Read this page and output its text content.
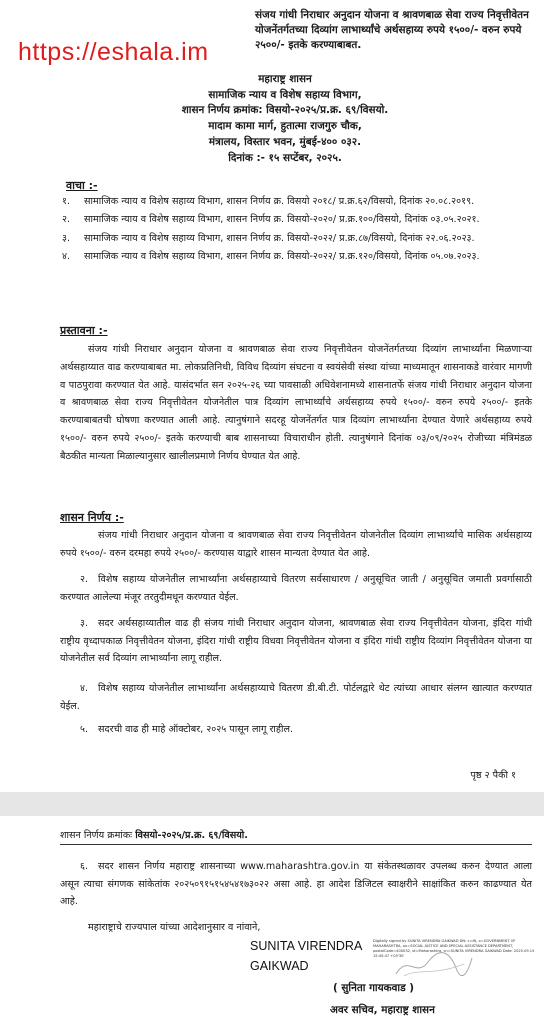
संजय गांधी निराधार अनुदान योजना व श्रावणबाळ सेवा राज्य निवृत्तीवेतन योजनेंतर्गतच्या दिव्यांग लाभार्थ्यांचे अर्थसहाय्य रुपये १५००/- वरुन रुपये २५००/- इतके करण्याबाबत.
https://eshala.im
महाराष्ट्र शासन
सामाजिक न्याय व विशेष सहाय्य विभाग,
शासन निर्णय क्रमांक: विसयो-२०२५/प्र.क्र. ६९/विसयो.
मादाम कामा मार्ग, हुतात्मा राजगुरु चौक,
मंत्रालय, विस्तार भवन, मुंबई-४०० ०३२.
दिनांक :- १५ सप्टेंबर, २०२५.
वाचा :-
१. सामाजिक न्याय व विशेष सहाय्य विभाग, शासन निर्णय क्र. विसयो २०१८/ प्र.क्र.६२/विसयो, दिनांक २०.०८.२०१९.
२. सामाजिक न्याय व विशेष सहाय्य विभाग, शासन निर्णय क्र. विसयो-२०२०/ प्र.क्र.१००/विसयो, दिनांक ०३.०५.२०२१.
३. सामाजिक न्याय व विशेष सहाय्य विभाग, शासन निर्णय क्र. विसयो-२०२२/ प्र.क्र.८७/विसयो, दिनांक २२.०६.२०२३.
४. सामाजिक न्याय व विशेष सहाय्य विभाग, शासन निर्णय क्र. विसयो-२०२२/ प्र.क्र.१२०/विसयो, दिनांक ०५.०७.२०२३.
प्रस्तावना :-

संजय गांधी निराधार अनुदान योजना व श्रावणबाळ सेवा राज्य निवृत्तीवेतन योजनेंतर्गतच्या दिव्यांग लाभार्थ्यांना मिळणाऱ्या अर्थसहाय्यात वाढ करण्याबाबत मा. लोकप्रतिनिधी, विविध दिव्यांग संघटना व स्वयंसेवी संस्था यांच्या माध्यमातून शासनाकडे वारंवार मागणी व पाठपुरावा करण्यात येत आहे. यासंदर्भात सन २०२५-२६ च्या पावसाळी अधिवेशनामध्ये शासनातर्फे संजय गांधी निराधार अनुदान योजना व श्रावणबाळ सेवा राज्य निवृत्तीवेतन योजनेतील पात्र दिव्यांग लाभार्थ्यांचे अर्थसहाय्य रुपये १५००/- वरुन रुपये २५००/- इतके करण्याबाबतची घोषणा करण्यात आली आहे. त्यानुषंगाने सदरहू योजनेंतर्गत पात्र दिव्यांग लाभार्थ्यांना देण्यात येणारे अर्थसहाय्य रुपये १५००/- वरुन रुपये २५००/- इतके करण्याची बाब शासनाच्या विचाराधीन होती. त्यानुषंगाने दिनांक ०३/०९/२०२५ रोजीच्या मंत्रिमंडळ बैठकीत मान्यता मिळाल्यानुसार खालीलप्रमाणे निर्णय घेण्यात येत आहे.

शासन निर्णय :-

संजय गांधी निराधार अनुदान योजना व श्रावणबाळ सेवा राज्य निवृत्तीवेतन योजनेतील दिव्यांग लाभार्थ्यांचे मासिक अर्थसहाय्य रुपये १५००/- वरुन दरमहा रुपये २५००/- करण्यास याद्वारे शासन मान्यता देण्यात येत आहे.

२. विशेष सहाय्य योजनेतील लाभार्थ्यांना अर्थसहाय्याचे वितरण सर्वसाधारण / अनुसूचित जाती / अनुसूचित जमाती प्रवर्गासाठी करण्यात आलेल्या मंजूर तरतुदीमधून करण्यात येईल.

३. सदर अर्थसहाय्यातील वाढ ही संजय गांधी निराधार अनुदान योजना, श्रावणबाळ सेवा राज्य निवृत्तीवेतन योजना, इंदिरा गांधी राष्ट्रीय वृध्दापकाळ निवृत्तीवेतन योजना, इंदिरा गांधी राष्ट्रीय विधवा निवृत्तीवेतन योजना व इंदिरा गांधी राष्ट्रीय दिव्यांग निवृत्तीवेतन योजना या योजनेतील सर्व दिव्यांग लाभार्थ्यांना लागू राहील.

४. विशेष सहाय्य योजनेतील लाभार्थ्यांना अर्थसहाय्याचे वितरण डी.बी.टी. पोर्टलद्वारे थेट त्यांच्या आधार संलग्न खात्यात करण्यात येईल.

५. सदरची वाढ ही माहे ऑक्टोबर, २०२५ पासून लागू राहील.

पृष्ठ २ पैकी १
शासन निर्णय क्रमांकः विसयो-२०२५/प्र.क्र. ६९/विसयो.

६. सदर शासन निर्णय महाराष्ट्र शासनाच्या www.maharashtra.gov.in या संकेतस्थळावर उपलब्ध करुन देण्यात आला असून त्याचा संगणक सांकेतांक २०२५०९१५१५४५४१७३०२२ असा आहे. हा आदेश डिजिटल स्वाक्षरीने साक्षांकित करुन काढण्यात येत आहे.

महाराष्ट्राचे राज्यपाल यांच्या आदेशानुसार व नांवाने,
SUNITA VIRENDRA
GAIKWAD
Digitally signed by SUNITA VIRENDRA GAIKWAD DN: c=IN, o=GOVERNMENT OF MAHARASHTRA, ou=SOCIAL JUSTICE AND SPECIAL ASSISTANCE DEPARTMENT, postalCode=400032, st=Maharashtra, cn=SUNITA VIRENDRA GAIKWAD Date: 2025.09.15 15:45:47 +05'30'
( सुनिता गायकवाड )
अवर सचिव, महाराष्ट्र शासन
